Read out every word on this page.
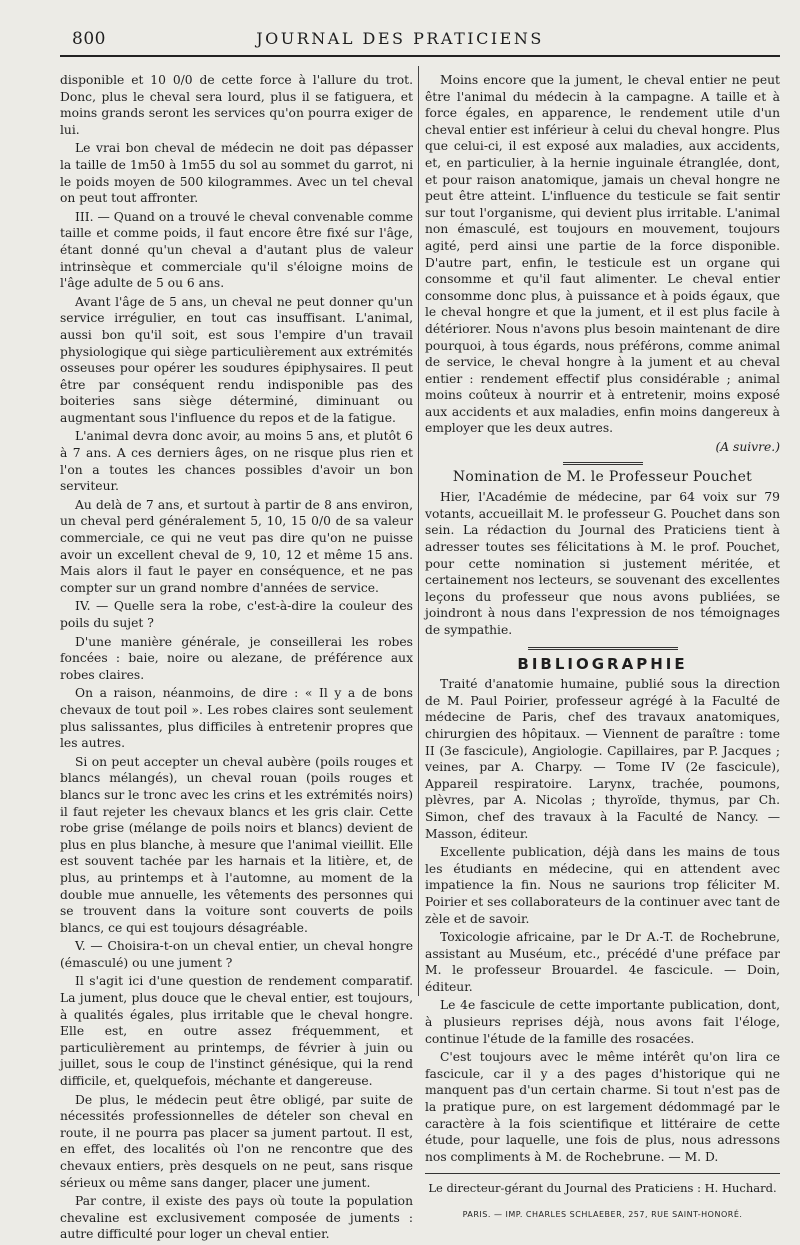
800	JOURNAL DES PRATICIENS

disponible et 10 0/0 de cette force à l'allure du trot. Donc, plus le cheval sera lourd, plus il se fatiguera, et moins grands seront les services qu'on pourra exiger de lui.

Le vrai bon cheval de médecin ne doit pas dépasser la taille de 1m50 à 1m55 du sol au sommet du garrot, ni le poids moyen de 500 kilogrammes. Avec un tel cheval on peut tout affronter.

III. — Quand on a trouvé le cheval convenable comme taille et comme poids, il faut encore être fixé sur l'âge, étant donné qu'un cheval a d'autant plus de valeur intrinsèque et commerciale qu'il s'éloigne moins de l'âge adulte de 5 ou 6 ans.

Avant l'âge de 5 ans, un cheval ne peut donner qu'un service irrégulier, en tout cas insuffisant. L'animal, aussi bon qu'il soit, est sous l'empire d'un travail physiologique qui siège particulièrement aux extrémités osseuses pour opérer les soudures épiphysaires. Il peut être par conséquent rendu indisponible pas des boiteries sans siège déterminé, diminuant ou augmentant sous l'influence du repos et de la fatigue.

L'animal devra donc avoir, au moins 5 ans, et plutôt 6 à 7 ans. A ces derniers âges, on ne risque plus rien et l'on a toutes les chances possibles d'avoir un bon serviteur.

Au delà de 7 ans, et surtout à partir de 8 ans environ, un cheval perd généralement 5, 10, 15 0/0 de sa valeur commerciale, ce qui ne veut pas dire qu'on ne puisse avoir un excellent cheval de 9, 10, 12 et même 15 ans. Mais alors il faut le payer en conséquence, et ne pas compter sur un grand nombre d'années de service.

IV. — Quelle sera la robe, c'est-à-dire la couleur des poils du sujet ?

D'une manière générale, je conseillerai les robes foncées : baie, noire ou alezane, de préférence aux robes claires.

On a raison, néanmoins, de dire : « Il y a de bons chevaux de tout poil ». Les robes claires sont seulement plus salissantes, plus difficiles à entretenir propres que les autres.

Si on peut accepter un cheval aubère (poils rouges et blancs mélangés), un cheval rouan (poils rouges et blancs sur le tronc avec les crins et les extrémités noirs) il faut rejeter les chevaux blancs et les gris clair. Cette robe grise (mélange de poils noirs et blancs) devient de plus en plus blanche, à mesure que l'animal vieillit. Elle est souvent tachée par les harnais et la litière, et, de plus, au printemps et à l'automne, au moment de la double mue annuelle, les vêtements des personnes qui se trouvent dans la voiture sont couverts de poils blancs, ce qui est toujours désagréable.

V. — Choisira-t-on un cheval entier, un cheval hongre (émasculé) ou une jument ?

Il s'agit ici d'une question de rendement comparatif. La jument, plus douce que le cheval entier, est toujours, à qualités égales, plus irritable que le cheval hongre. Elle est, en outre assez fréquemment, et particulièrement au printemps, de février à juin ou juillet, sous le coup de l'instinct génésique, qui la rend difficile, et, quelquefois, méchante et dangereuse.

De plus, le médecin peut être obligé, par suite de nécessités professionnelles de dételer son cheval en route, il ne pourra pas placer sa jument partout. Il est, en effet, des localités où l'on ne rencontre que des chevaux entiers, près desquels on ne peut, sans risque sérieux ou même sans danger, placer une jument.

Par contre, il existe des pays où toute la population chevaline est exclusivement composée de juments : autre difficulté pour loger un cheval entier.

Moins encore que la jument, le cheval entier ne peut être l'animal du médecin à la campagne. A taille et à force égales, en apparence, le rendement utile d'un cheval entier est inférieur à celui du cheval hongre. Plus que celui-ci, il est exposé aux maladies, aux accidents, et, en particulier, à la hernie inguinale étranglée, dont, et pour raison anatomique, jamais un cheval hongre ne peut être atteint. L'influence du testicule se fait sentir sur tout l'organisme, qui devient plus irritable. L'animal non émasculé, est toujours en mouvement, toujours agité, perd ainsi une partie de la force disponible. D'autre part, enfin, le testicule est un organe qui consomme et qu'il faut alimenter. Le cheval entier consomme donc plus, à puissance et à poids égaux, que le cheval hongre et que la jument, et il est plus facile à détériorer. Nous n'avons plus besoin maintenant de dire pourquoi, à tous égards, nous préférons, comme animal de service, le cheval hongre à la jument et au cheval entier : rendement effectif plus considérable ; animal moins coûteux à nourrir et à entretenir, moins exposé aux accidents et aux maladies, enfin moins dangereux à employer que les deux autres.

(A suivre.)

Nomination de M. le Professeur Pouchet

Hier, l'Académie de médecine, par 64 voix sur 79 votants, accueillait M. le professeur G. Pouchet dans son sein. La rédaction du Journal des Praticiens tient à adresser toutes ses félicitations à M. le prof. Pouchet, pour cette nomination si justement méritée, et certainement nos lecteurs, se souvenant des excellentes leçons du professeur que nous avons publiées, se joindront à nous dans l'expression de nos témoignages de sympathie.

BIBLIOGRAPHIE

Traité d'anatomie humaine, publié sous la direction de M. Paul Poirier, professeur agrégé à la Faculté de médecine de Paris, chef des travaux anatomiques, chirurgien des hôpitaux. — Viennent de paraître : tome II (3e fascicule), Angiologie. Capillaires, par P. Jacques ; veines, par A. Charpy. — Tome IV (2e fascicule), Appareil respiratoire. Larynx, trachée, poumons, plèvres, par A. Nicolas ; thyroïde, thymus, par Ch. Simon, chef des travaux à la Faculté de Nancy. — Masson, éditeur.

Excellente publication, déjà dans les mains de tous les étudiants en médecine, qui en attendent avec impatience la fin. Nous ne saurions trop féliciter M. Poirier et ses collaborateurs de la continuer avec tant de zèle et de savoir.

Toxicologie africaine, par le Dr A.-T. de Rochebrune, assistant au Muséum, etc., précédé d'une préface par M. le professeur Brouardel. 4e fascicule. — Doin, éditeur.

Le 4e fascicule de cette importante publication, dont, à plusieurs reprises déjà, nous avons fait l'éloge, continue l'étude de la famille des rosacées.

C'est toujours avec le même intérêt qu'on lira ce fascicule, car il y a des pages d'historique qui ne manquent pas d'un certain charme. Si tout n'est pas de la pratique pure, on est largement dédommagé par le caractère à la fois scientifique et littéraire de cette étude, pour laquelle, une fois de plus, nous adressons nos compliments à M. de Rochebrune. — M. D.

Le directeur-gérant du Journal des Praticiens : H. Huchard.

PARIS. — IMP. CHARLES SCHLAEBER, 257, RUE SAINT-HONORÉ.
